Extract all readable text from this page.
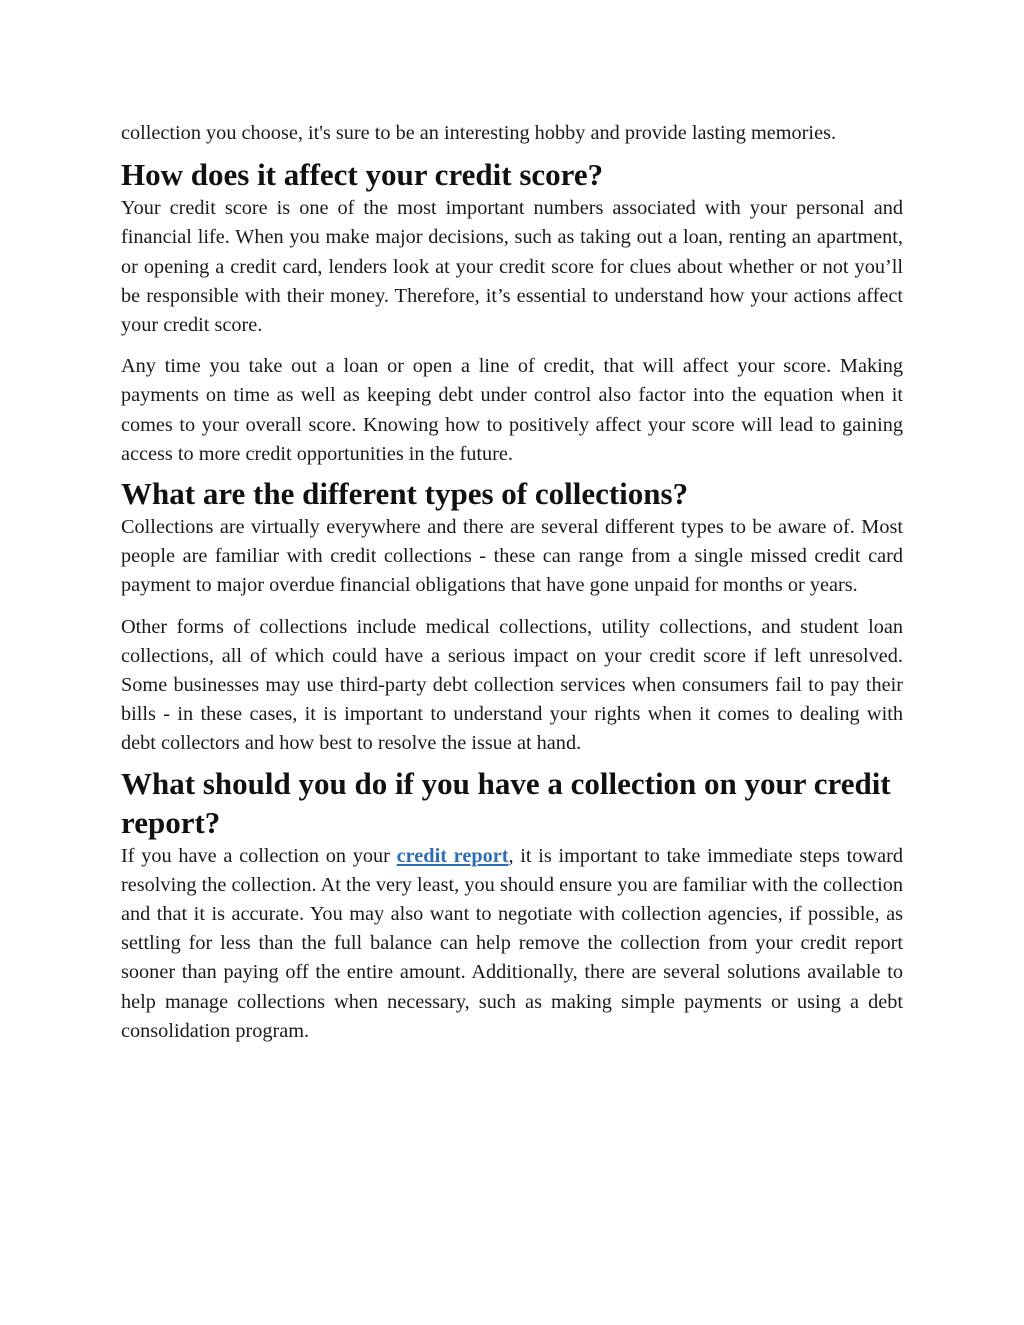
collection you choose, it's sure to be an interesting hobby and provide lasting memories.

How does it affect your credit score?

Your credit score is one of the most important numbers associated with your personal and financial life. When you make major decisions, such as taking out a loan, renting an apartment, or opening a credit card, lenders look at your credit score for clues about whether or not you’ll be responsible with their money. Therefore, it’s essential to understand how your actions affect your credit score.

Any time you take out a loan or open a line of credit, that will affect your score. Making payments on time as well as keeping debt under control also factor into the equation when it comes to your overall score. Knowing how to positively affect your score will lead to gaining access to more credit opportunities in the future.

What are the different types of collections?

Collections are virtually everywhere and there are several different types to be aware of. Most people are familiar with credit collections - these can range from a single missed credit card payment to major overdue financial obligations that have gone unpaid for months or years.

Other forms of collections include medical collections, utility collections, and student loan collections, all of which could have a serious impact on your credit score if left unresolved. Some businesses may use third-party debt collection services when consumers fail to pay their bills - in these cases, it is important to understand your rights when it comes to dealing with debt collectors and how best to resolve the issue at hand.

What should you do if you have a collection on your credit report?

If you have a collection on your credit report, it is important to take immediate steps toward resolving the collection. At the very least, you should ensure you are familiar with the collection and that it is accurate. You may also want to negotiate with collection agencies, if possible, as settling for less than the full balance can help remove the collection from your credit report sooner than paying off the entire amount. Additionally, there are several solutions available to help manage collections when necessary, such as making simple payments or using a debt consolidation program.
